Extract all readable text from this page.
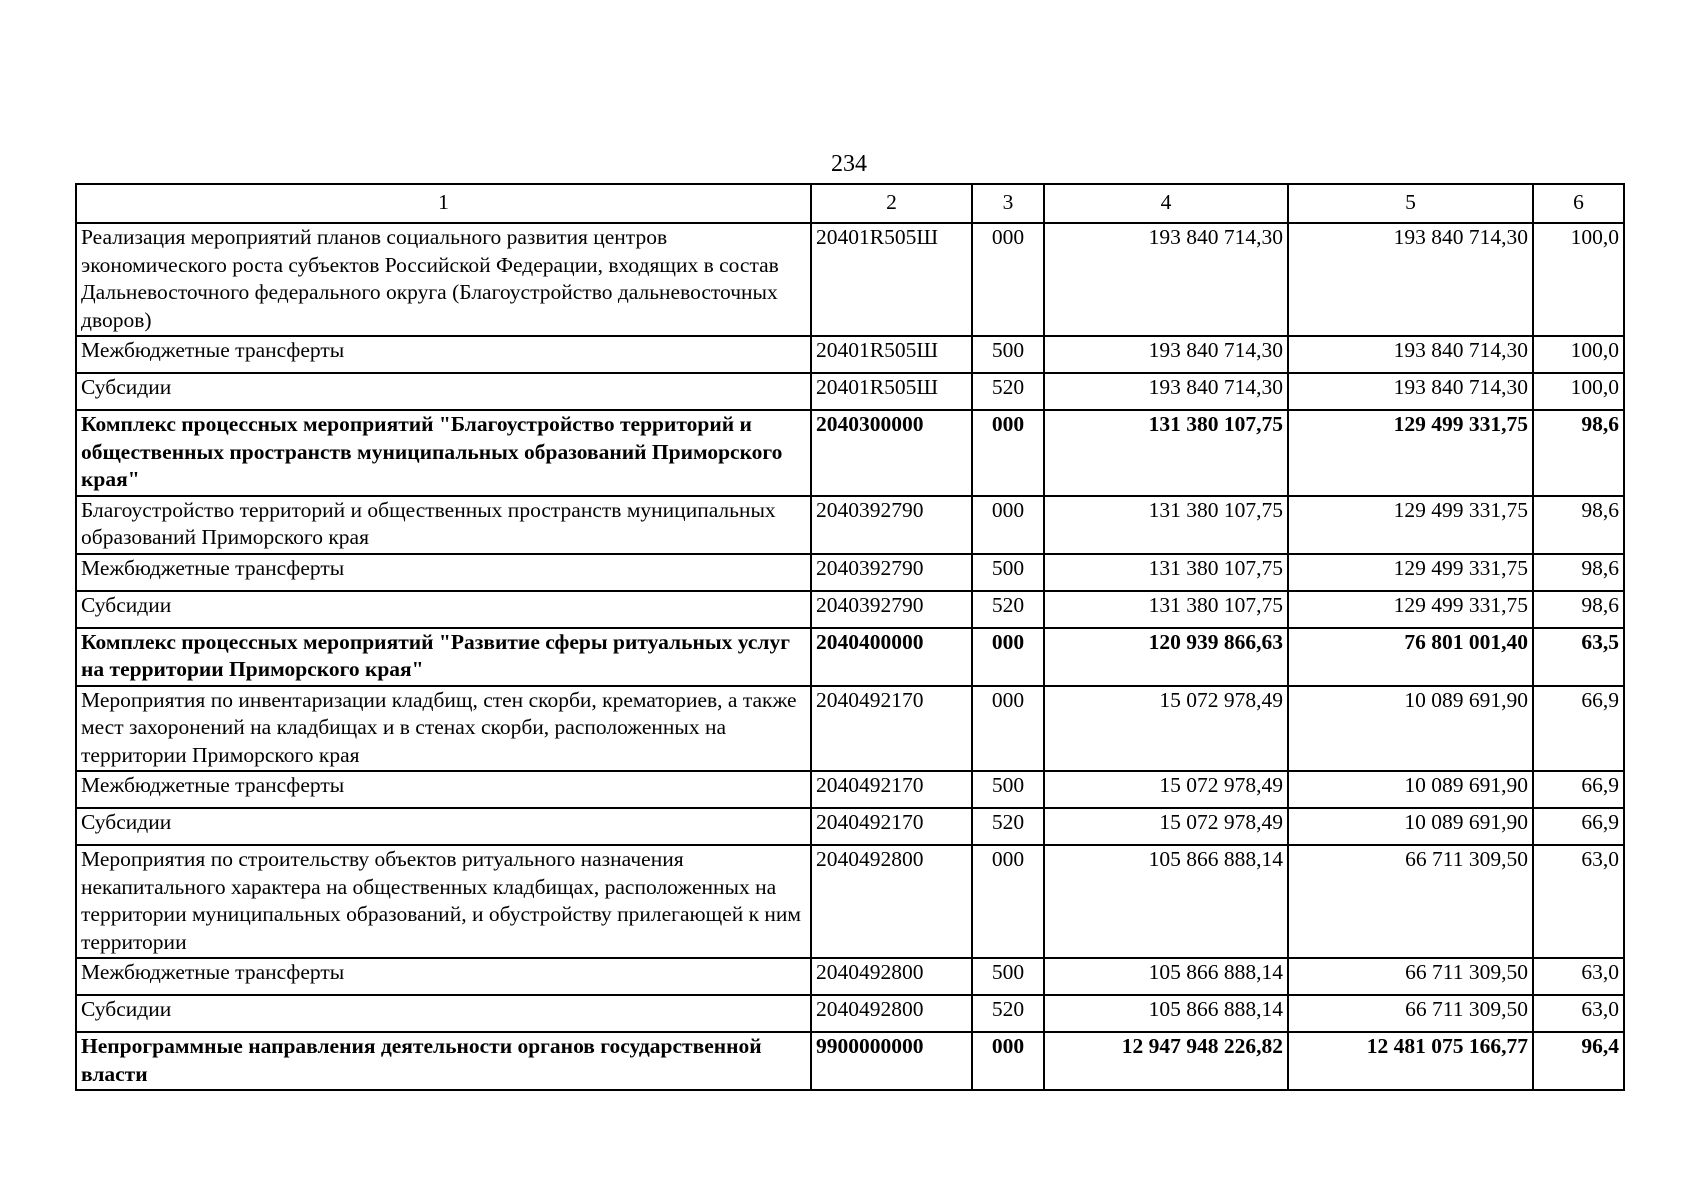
234
1	2	3	4	5	6
Реализация мероприятий планов социального развития центров экономического роста субъектов Российской Федерации, входящих в состав Дальневосточного федерального округа (Благоустройство дальневосточных дворов)	20401R505Ш	000	193 840 714,30	193 840 714,30	100,0
Межбюджетные трансферты	20401R505Ш	500	193 840 714,30	193 840 714,30	100,0
Субсидии	20401R505Ш	520	193 840 714,30	193 840 714,30	100,0
Комплекс процессных мероприятий "Благоустройство территорий и общественных пространств муниципальных образований Приморского края"	2040300000	000	131 380 107,75	129 499 331,75	98,6
Благоустройство территорий и общественных пространств муниципальных образований Приморского края	2040392790	000	131 380 107,75	129 499 331,75	98,6
Межбюджетные трансферты	2040392790	500	131 380 107,75	129 499 331,75	98,6
Субсидии	2040392790	520	131 380 107,75	129 499 331,75	98,6
Комплекс процессных мероприятий "Развитие сферы ритуальных услуг на территории Приморского края"	2040400000	000	120 939 866,63	76 801 001,40	63,5
Мероприятия по инвентаризации кладбищ, стен скорби, крематориев, а также мест захоронений на кладбищах и в стенах скорби, расположенных на территории Приморского края	2040492170	000	15 072 978,49	10 089 691,90	66,9
Межбюджетные трансферты	2040492170	500	15 072 978,49	10 089 691,90	66,9
Субсидии	2040492170	520	15 072 978,49	10 089 691,90	66,9
Мероприятия по строительству объектов ритуального назначения некапитального характера на общественных кладбищах, расположенных на территории муниципальных образований, и обустройству прилегающей к ним территории	2040492800	000	105 866 888,14	66 711 309,50	63,0
Межбюджетные трансферты	2040492800	500	105 866 888,14	66 711 309,50	63,0
Субсидии	2040492800	520	105 866 888,14	66 711 309,50	63,0
Непрограммные направления деятельности органов государственной власти	9900000000	000	12 947 948 226,82	12 481 075 166,77	96,4
